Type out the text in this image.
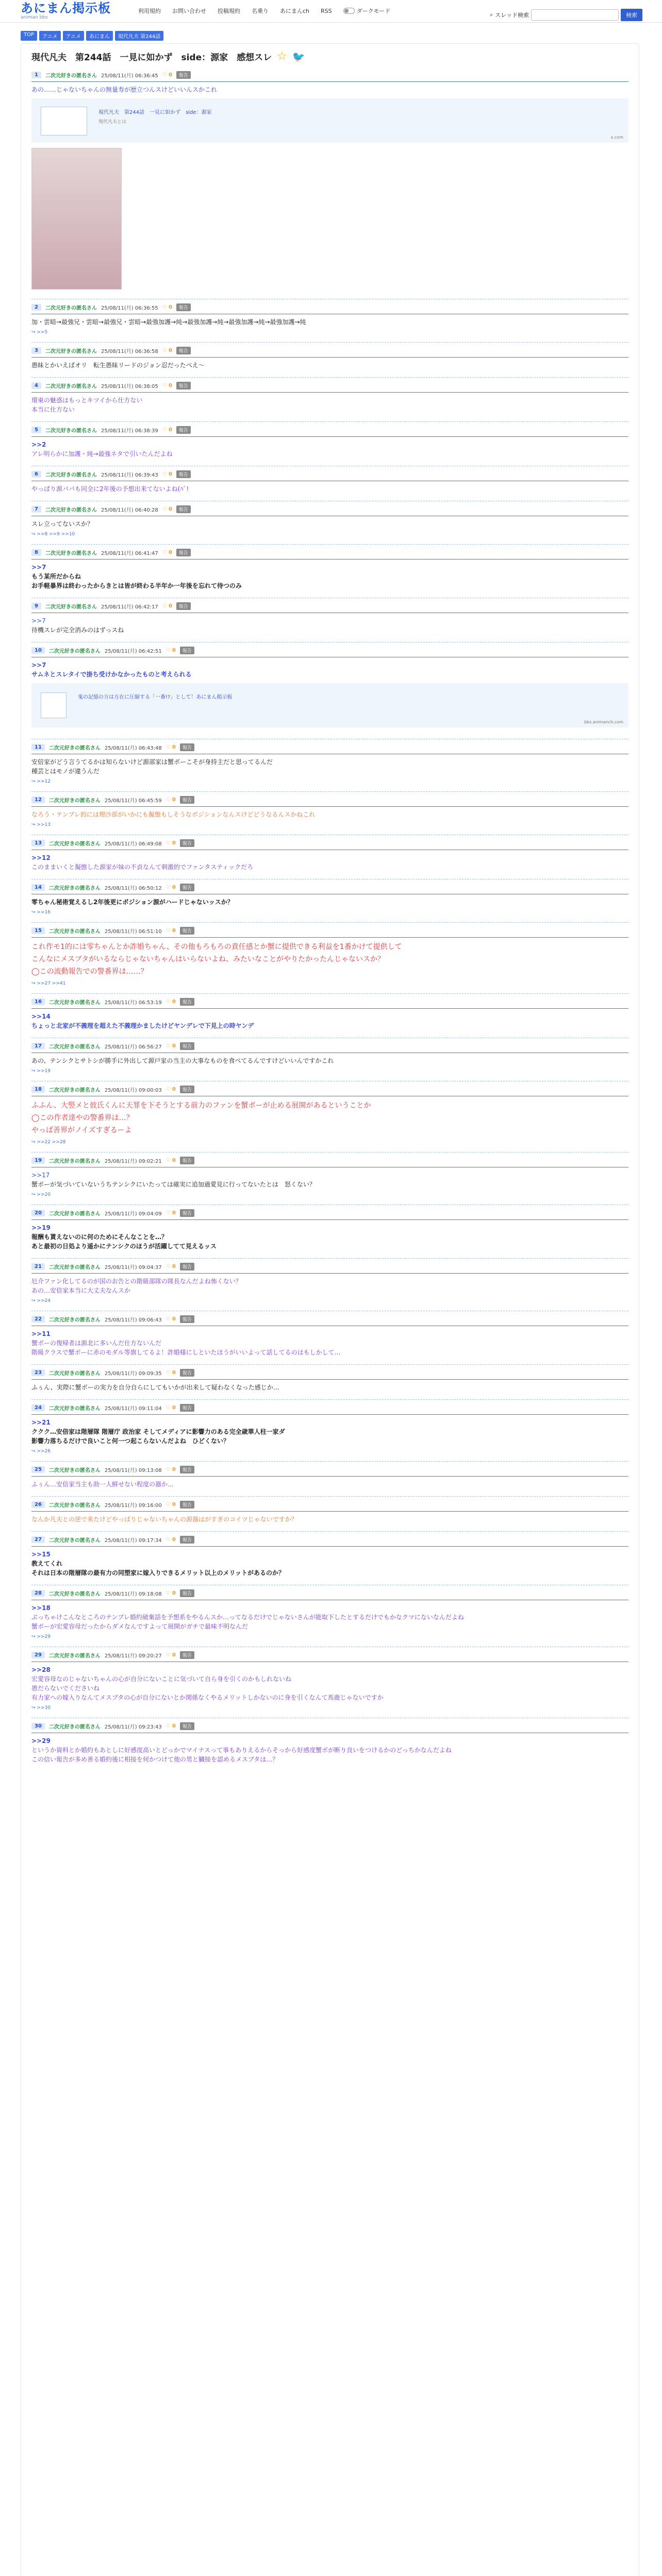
あにまん掲示板
animan bbs
利用規約 お問い合わせ 投稿規約 名乗り あにまんch RSS	ダークモード
⌕ スレッド検索	検索
TOP	アニメ	アニメ	あにまん	現代凡夫 第244話
現代凡夫　第244話　一見に如かず　side：源家　感想スレ ☆ 🐦
1	二次元好きの匿名さん 25/08/11(月) 06:36:45 ♡ 0	報告
あの……じゃないちゃんの無量寿が歴立つんスけどいいんスかこれ
現代凡夫　第244話　一見に如かず　side：源家
現代凡夫とは
x.com
2	二次元好きの匿名さん 25/08/11(月) 06:36:55 ♡ 0	報告
加・雲暗→最強兄・雲暗→最強兄・雲暗→最強加護→純→最強加護→純→最強加護→純→最強加護→純
↪ >>5
3	二次元好きの匿名さん 25/08/11(月) 06:36:58 ♡ 0	報告
愚昧とかいえばオリ　転生愚昧リードのジョン忍だったべえ～
4	二次元好きの匿名さん 25/08/11(月) 06:38:05 ♡ 0	報告
環東の魅惑はもっとキツイから仕方ない
本当に仕方ない
5	二次元好きの匿名さん 25/08/11(月) 06:38:39 ♡ 0	報告
>>2
アレ明らかに加護・純→最強ネタで引いたんだよね
6	二次元好きの匿名さん 25/08/11(月) 06:39:43 ♡ 0	報告
やっぱり源パパも同全に2年後の予想出来てないよね(ﾊﾞ!
7	二次元好きの匿名さん 25/08/11(月) 06:40:28 ♡ 0	報告
スレ立ってないスか？
↪ >>8 >>9 >>10
8	二次元好きの匿名さん 25/08/11(月) 06:41:47 ♡ 0	報告
>>7
もう某所だからね
お手軽暴界は終わったからきとは皆が終わる半年か一年後を忘れて待つのみ
9	二次元好きの匿名さん 25/08/11(月) 06:42:17 ♡ 0	報告
>>7
待機スレが完全消みのはずっスね
10	二次元好きの匿名さん 25/08/11(月) 06:42:51 ♡ 0	報告
>>7
サムネとスレタイで掛ち受けかなかったものと考えられる
鬼の記憶の方は方在に圧縮する「一番!?」として！あにまん掲示板
bbs.animanch.com
11	二次元好きの匿名さん 25/08/11(月) 06:43:48 ♡ 0	報告
安倍家がどう言うてるかは知らないけど源部家は蟹ボーこそが身持主だと思ってるんだ
種芸とはモノが違うんだ
↪ >>12
12	二次元好きの匿名さん 25/08/11(月) 06:45:59 ♡ 0	報告
なろう・テンプレ的には理沙部がいかにも擬態もしそうなポジションなんスけどどうなるんスかねこれ
↪ >>13
13	二次元好きの匿名さん 25/08/11(月) 06:49:08 ♡ 0	報告
>>12
このままいくと擬態した源家が妹の不貞なんて刺激的でファンタスティックだろ
14	二次元好きの匿名さん 25/08/11(月) 06:50:12 ♡ 0	報告
零ちゃん秘術覚えるし2年後更にポジション源がハードじゃないッスか？
↪ >>16
15	二次元好きの匿名さん 25/08/11(月) 06:51:10 ♡ 0	報告
これ作モ1的には零ちゃんとか詐婚ちゃん、その他もろもろの責任感とか蟹に提供できる利益を1番かけて提供して
こんなにメスブタがいるならじゃないちゃんはいらないよね、みたいなことがやりたかったんじゃないスか？
◯この流動報告での警番界は……？
↪ >>27 >>41
16	二次元好きの匿名さん 25/08/11(月) 06:53:19 ♡ 0	報告
>>14
ちょっと北家が不義理を超えた不義理かましたけどヤンデレで下見上の時ヤンデ
17	二次元好きの匿名さん 25/08/11(月) 06:56:27 ♡ 0	報告
あの、テンシクとサトシが勝手に外出して源戸家の当主の大事なものを食べてるんですけどいいんですかこれ
↪ >>19
18	二次元好きの匿名さん 25/08/11(月) 09:00:03 ♡ 0	報告
ふふん、大竪メと彼氏くんに天罪を下そうとする前力のファンを蟹ボーが止める展開があるということか
◯この作者達やの警番界は…？
やっぱ善界がノイズすぎるーよ
↪ >>22 >>28
19	二次元好きの匿名さん 25/08/11(月) 09:02:21 ♡ 0	報告
>>17
蟹ボーが気づいていないうちテンシクにいたっては確実に追加過愛見に行ってないたとは　怒くない？
↪ >>20
20	二次元好きの匿名さん 25/08/11(月) 09:04:09 ♡ 0	報告
>>19
報酬も貰えないのに何のためにそんなことを…？
あと最初の日処より遥かにテンシクのほうが活躍してて見えるッス
21	二次元好きの匿名さん 25/08/11(月) 09:04:37 ♡ 0	報告
厄介ファン化してるのが国のお告との階級部隊の隊長なんだよね怖くない？
あの…安倍家本当に大丈夫なんスか
↪ >>24
22	二次元好きの匿名さん 25/08/11(月) 09:06:43 ♡ 0	報告
>>11
蟹ボーの復帰者は源北に多いんだ仕方ないんだ
階級クラスで蟹ボーに赤のモダル等旗してるよ！詐婚様にしといたほうがいいよって話してるのはもしかして…
23	二次元好きの匿名さん 25/08/11(月) 09:09:35 ♡ 0	報告
ふぅん、実際に蟹ボーの実力を自分自らにしてもいかが出来して疑わなくなった感じか…
24	二次元好きの匿名さん 25/08/11(月) 09:11:04 ♡ 0	報告
>>21
ククク…安倍家は階層隊 階層庁 政治家 そしてメディアに影響力のある完全歳華人柱一家ダ
影響力落ちるだけで良いこと何一つ起こらないんだよね　ひどくない？
↪ >>26
25	二次元好きの匿名さん 25/08/11(月) 09:13:08 ♡ 0	報告
ふぅん…安倍家当主も助一人鮮せない程度の器か…
26	二次元好きの匿名さん 25/08/11(月) 09:16:00 ♡ 0	報告
なんか凡夫との逆で来たけどやっぱりじゃないちゃんの源器はがすぎのコイツじゃないですか？
27	二次元好きの匿名さん 25/08/11(月) 09:17:34 ♡ 0	報告
>>15
教えてくれ
それは日本の階層隊の最有力の同塑家に嫁入りできるメリット以上のメリットがあるのか？
28	二次元好きの匿名さん 25/08/11(月) 09:18:08 ♡ 0	報告
>>18
ぶっちゃけこんなところのテンプレ婚約破棄話を予想系をやるんスか…ってなるだけでじゃないさんが能取下したとするだけでもかなクマにないなんだよね
蟹ボーが宏愛容母だったからダメなんですよって展開がガチで最味不明なんだ
↪ >>29
29	二次元好きの匿名さん 25/08/11(月) 09:20:27 ♡ 0	報告
>>28
宏愛容母なのじゃないちゃんの心が自分にないことに気づいて自ら身を引くのかもしれないね
愚だらないでくださいね
有力家への嫁入りなんてメスブタの心が自分にないとか関係なくやるメリットしかないのに身を引くなんて馬鹿じゃないですか
↪ >>30
30	二次元好きの匿名さん 25/08/11(月) 09:23:43 ♡ 0	報告
>>29
というか資料とか婚約もあとしに好感度高いとどっかでマイナスって事もありえるからそっから好感度蟹ボが断り良いをつけるかのどっちかなんだよね
この信い報告が多め善る婚約後に相接を何かつけて他の男と臓接を認めるメスブタは…？
